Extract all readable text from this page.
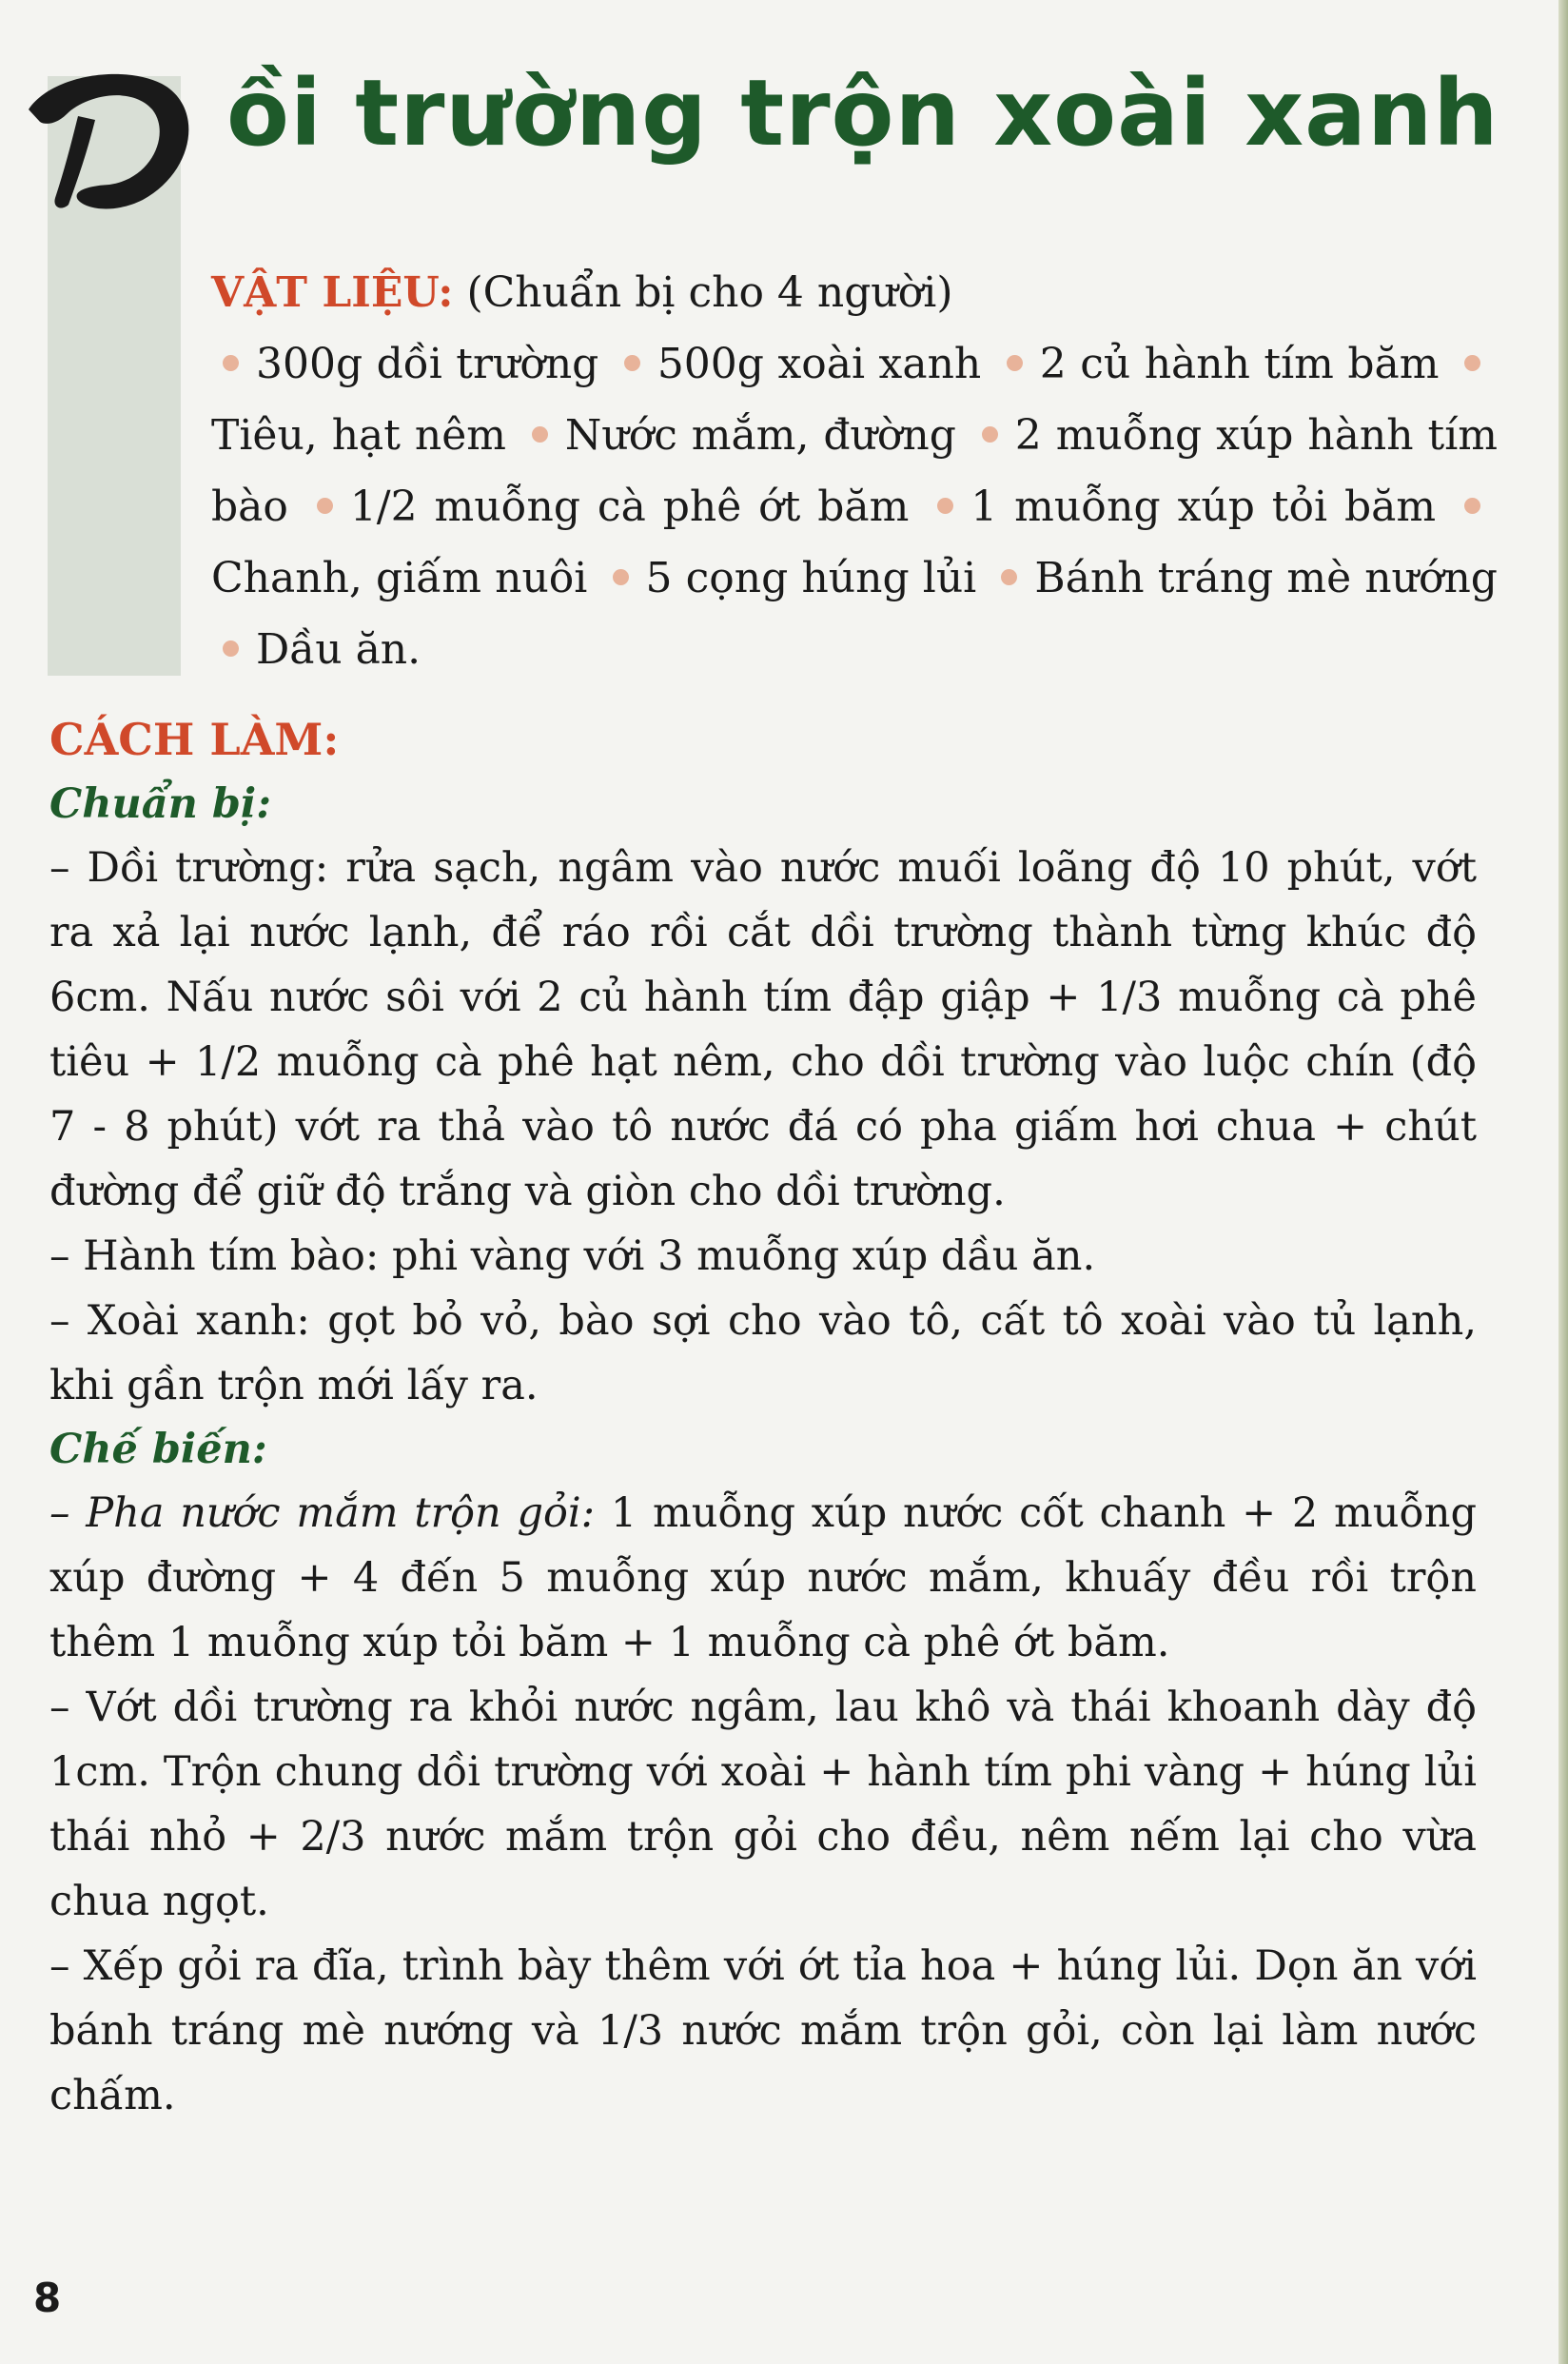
ồi trường trộn xoài xanh
VẬT LIỆU: (Chuẩn bị cho 4 người)
300g dồi trường 500g xoài xanh 2 củ hành tím băm Tiêu, hạt nêm Nước mắm, đường 2 muỗng xúp hành tím bào 1/2 muỗng cà phê ớt băm 1 muỗng xúp tỏi băm Chanh, giấm nuôi 5 cọng húng lủi Bánh tráng mè nướng Dầu ăn.

CÁCH LÀM:

Chuẩn bị:

– Dồi trường: rửa sạch, ngâm vào nước muối loãng độ 10 phút, vớt ra xả lại nước lạnh, để ráo rồi cắt dồi trường thành từng khúc độ 6cm. Nấu nước sôi với 2 củ hành tím đập giập + 1/3 muỗng cà phê tiêu + 1/2 muỗng cà phê hạt nêm, cho dồi trường vào luộc chín (độ 7 - 8 phút) vớt ra thả vào tô nước đá có pha giấm hơi chua + chút đường để giữ độ trắng và giòn cho dồi trường.

– Hành tím bào: phi vàng với 3 muỗng xúp dầu ăn.

– Xoài xanh: gọt bỏ vỏ, bào sợi cho vào tô, cất tô xoài vào tủ lạnh, khi gần trộn mới lấy ra.

Chế biến:

– Pha nước mắm trộn gỏi: 1 muỗng xúp nước cốt chanh + 2 muỗng xúp đường + 4 đến 5 muỗng xúp nước mắm, khuấy đều rồi trộn thêm 1 muỗng xúp tỏi băm + 1 muỗng cà phê ớt băm.

– Vớt dồi trường ra khỏi nước ngâm, lau khô và thái khoanh dày độ 1cm. Trộn chung dồi trường với xoài + hành tím phi vàng + húng lủi thái nhỏ + 2/3 nước mắm trộn gỏi cho đều, nêm nếm lại cho vừa chua ngọt.

– Xếp gỏi ra đĩa, trình bày thêm với ớt tỉa hoa + húng lủi. Dọn ăn với bánh tráng mè nướng và 1/3 nước mắm trộn gỏi, còn lại làm nước chấm.

8
